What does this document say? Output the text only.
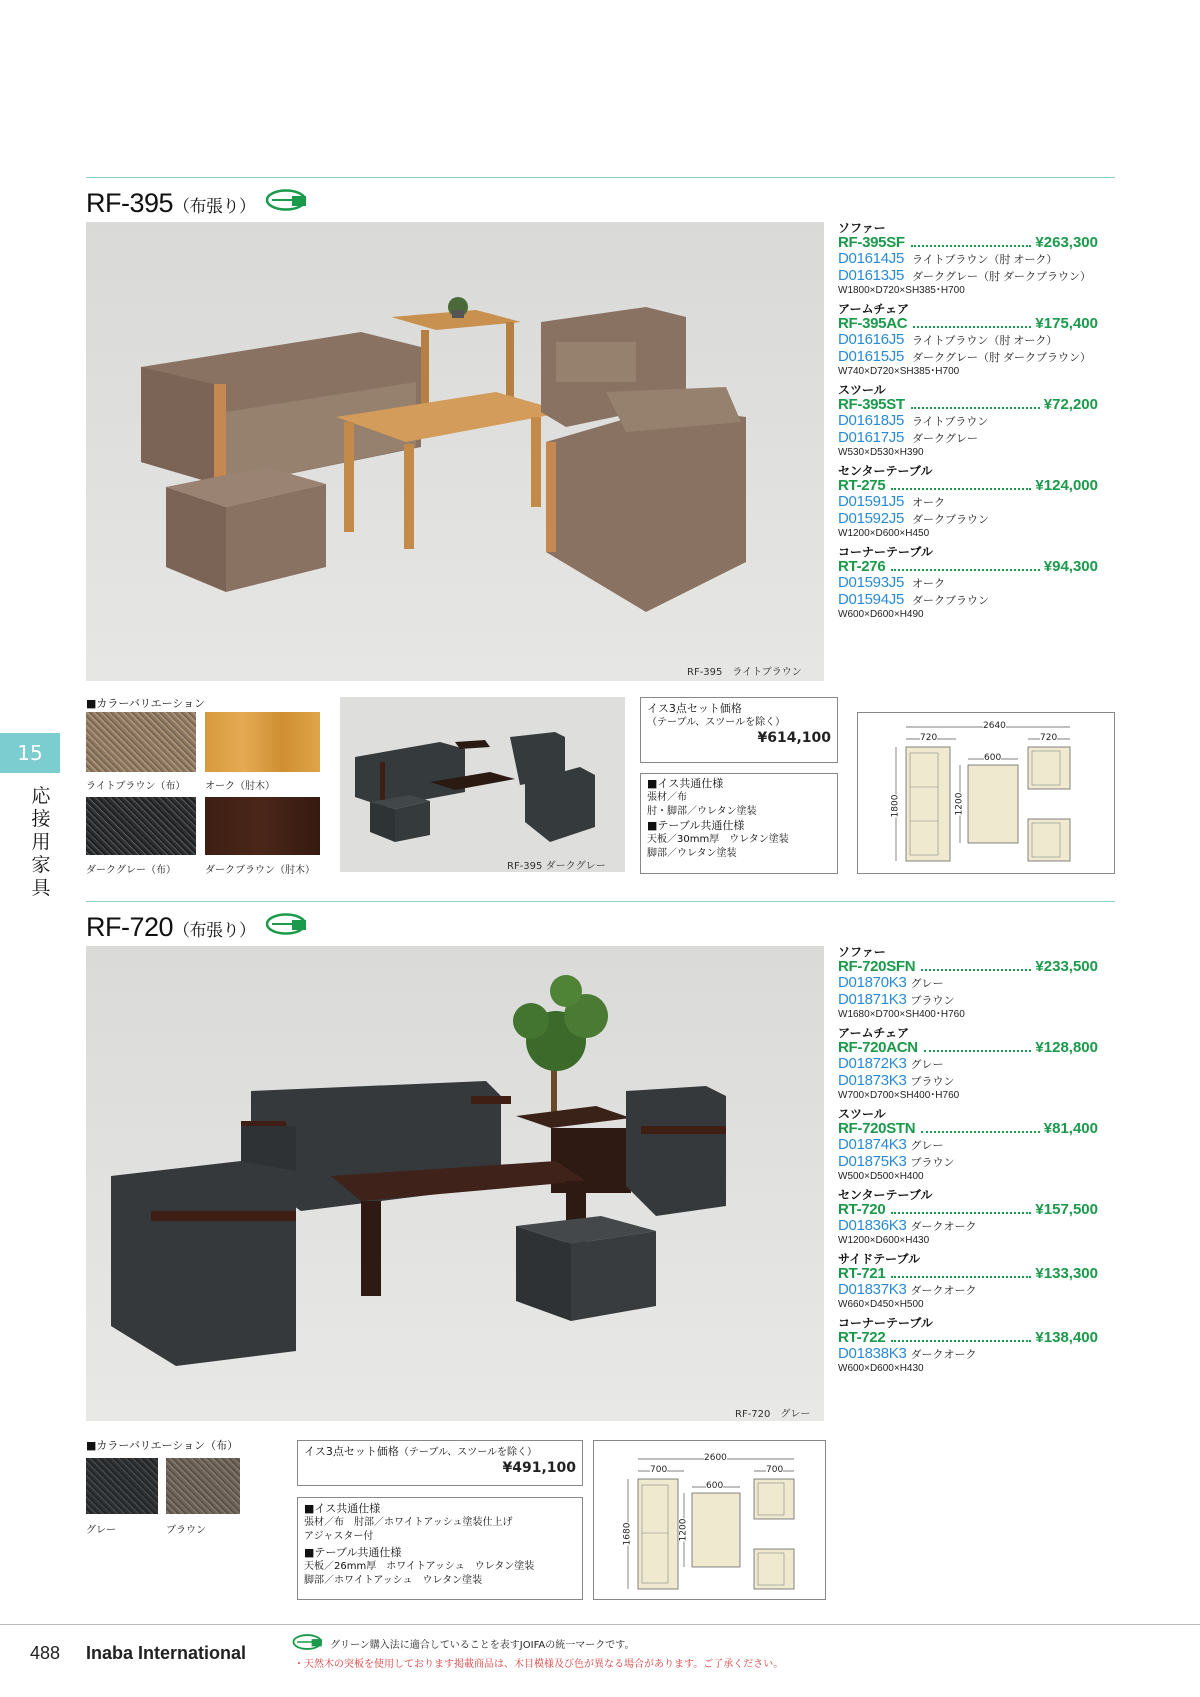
15
応接用家具
RF-395（布張り）
RF-395　ライトブラウン
ソファー
RF-395SF	¥263,300
D01614J5 ライトブラウン（肘 オーク）
D01613J5 ダークグレー（肘 ダークブラウン）
W1800×D720×SH385･H700
アームチェア
RF-395AC	¥175,400
D01616J5 ライトブラウン（肘 オーク）
D01615J5 ダークグレー（肘 ダークブラウン）
W740×D720×SH385･H700
スツール
RF-395ST	¥72,200
D01618J5 ライトブラウン
D01617J5 ダークグレー
W530×D530×H390
センターテーブル
RT-275	¥124,000
D01591J5 オーク
D01592J5 ダークブラウン
W1200×D600×H450
コーナーテーブル
RT-276	¥94,300
D01593J5 オーク
D01594J5 ダークブラウン
W600×D600×H490
■カラーバリエーション
ライトブラウン（布） オーク（肘木）
ダークグレー（布）	ダークブラウン（肘木）	RF-395 ダークグレー
イス3点セット価格
（テーブル、スツールを除く）
¥614,100
■イス共通仕様
張材／布
肘・脚部／ウレタン塗装
■テーブル共通仕様
天板／30mm厚　ウレタン塗装
脚部／ウレタン塗装
2640
720	720
600
1800	1200
RF-720（布張り）
RF-720　グレー
ソファー
RF-720SFN	¥233,500
D01870K3 グレー
D01871K3 ブラウン
W1680×D700×SH400･H760
アームチェア
RF-720ACN	¥128,800
D01872K3 グレー
D01873K3 ブラウン
W700×D700×SH400･H760
スツール
RF-720STN	¥81,400
D01874K3 グレー
D01875K3 ブラウン
W500×D500×H400
センターテーブル
RT-720	¥157,500
D01836K3 ダークオーク
W1200×D600×H430
サイドテーブル
RT-721	¥133,300
D01837K3 ダークオーク
W660×D450×H500
コーナーテーブル
RT-722	¥138,400
D01838K3 ダークオーク
W600×D600×H430
■カラーバリエーション（布）
グレー	ブラウン
イス3点セット価格（テーブル、スツールを除く）
¥491,100
■イス共通仕様
張材／布　肘部／ホワイトアッシュ塗装仕上げ
アジャスター付
■テーブル共通仕様
天板／26mm厚　ホワイトアッシュ　ウレタン塗装
脚部／ホワイトアッシュ　ウレタン塗装
2600
700	700
600
1680	1200
488 Inaba International	グリーン購入法に適合していることを表すJOIFAの統一マークです。
・天然木の突板を使用しております掲載商品は、木目模様及び色が異なる場合があります。ご了承ください。
